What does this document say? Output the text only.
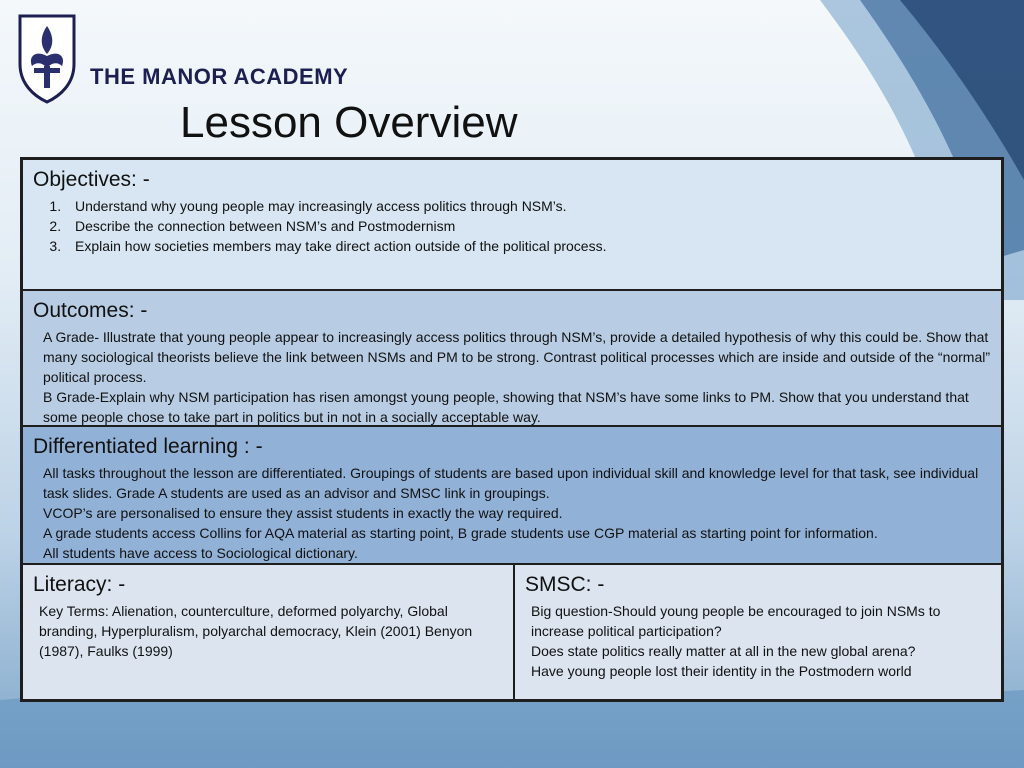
THE MANOR ACADEMY
Lesson Overview
Objectives: -
1. Understand why young people may increasingly access politics through NSM’s.
2. Describe the connection between NSM’s and Postmodernism
3. Explain how societies members may take direct action outside of the political process.
Outcomes: -
A Grade- Illustrate that young people appear to increasingly access politics through NSM’s, provide a detailed hypothesis of why this could be. Show that many sociological theorists believe the link between NSMs and PM to be strong. Contrast political processes which are inside and outside of the “normal” political process.
B Grade-Explain why NSM participation has risen amongst young people, showing that NSM’s have some links to PM. Show that you understand that some people chose to take part in politics but in not in a socially acceptable way.
Differentiated learning : -
All tasks throughout the lesson are differentiated. Groupings of students are based upon individual skill and knowledge level for that task, see individual task slides. Grade A students are used as an advisor and SMSC link in groupings.
VCOP’s are personalised to ensure they assist students in exactly the way required.
A grade students access Collins for AQA material as starting point, B grade students use CGP material as starting point for information.
All students have access to Sociological dictionary.
Literacy: -
Key Terms: Alienation, counterculture, deformed polyarchy, Global branding, Hyperpluralism, polyarchal democracy, Klein (2001) Benyon (1987), Faulks (1999)
SMSC: -
Big question-Should young people be encouraged to join NSMs to increase political participation?
Does state politics really matter at all in the new global arena?
Have young people lost their identity in the Postmodern world
